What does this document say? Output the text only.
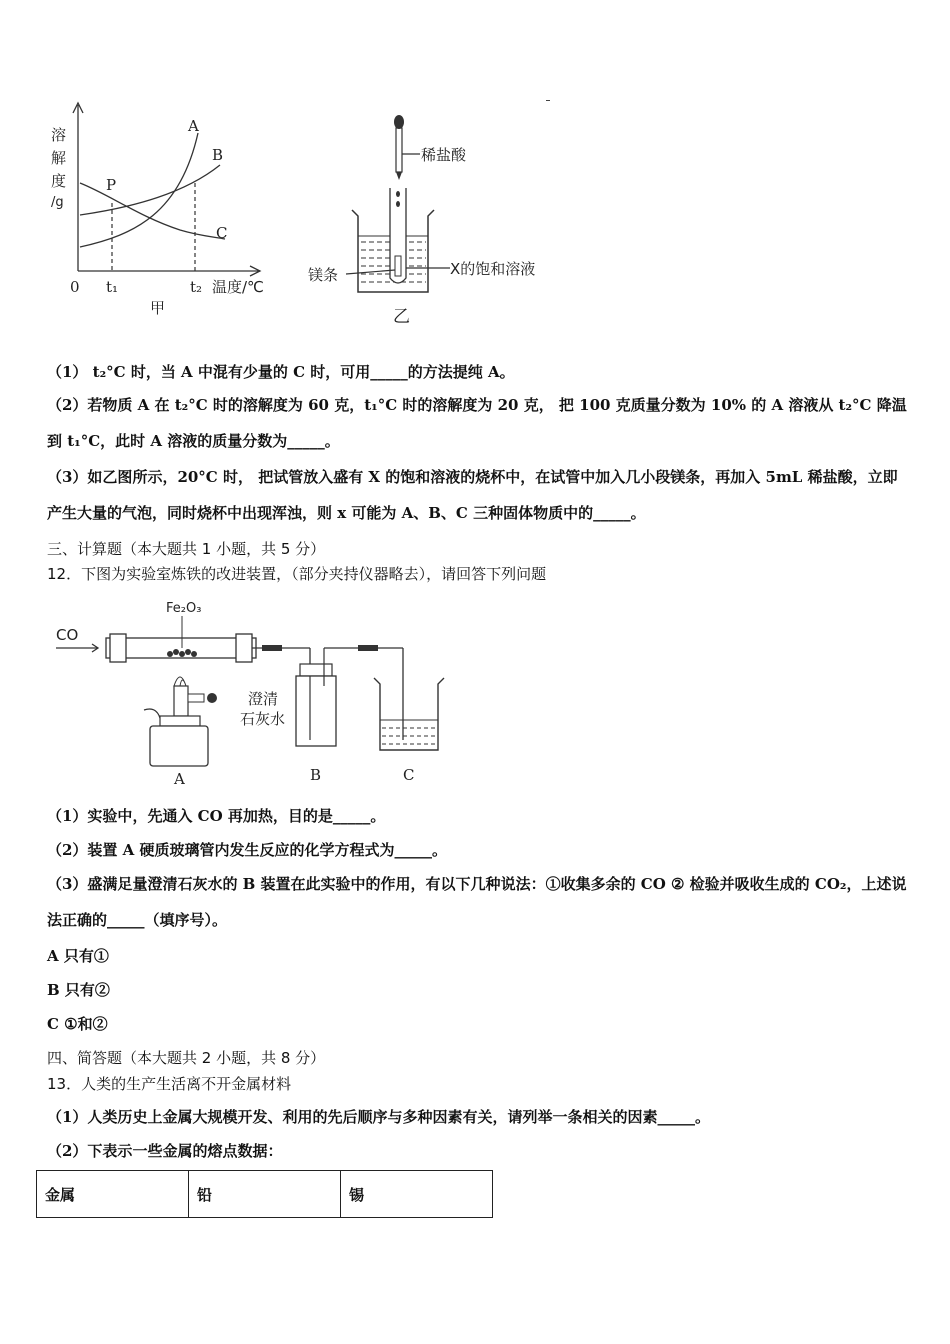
溶
解
度
/g
0 t₁	t₂ 温度/℃
A
B
C
P
甲
稀盐酸
镁条	X的饱和溶液
乙
（1） t₂°C 时，当 A 中混有少量的 C 时，可用_____的方法提纯 A。
（2）若物质 A 在 t₂°C 时的溶解度为 60 克，t₁°C 时的溶解度为 20 克， 把 100 克质量分数为 10% 的 A 溶液从 t₂°C 降温到 t₁°C，此时 A 溶液的质量分数为_____。
（3）如乙图所示，20°C 时， 把试管放入盛有 X 的饱和溶液的烧杯中，在试管中加入几小段镁条，再加入 5mL 稀盐酸，立即产生大量的气泡，同时烧杯中出现浑浊，则 x 可能为 A、B、C 三种固体物质中的_____。
三、计算题（本大题共 1 小题，共 5 分）
12．下图为实验室炼铁的改进装置，（部分夹持仪器略去），请回答下列问题
CO
Fe₂O₃
A
澄清
石灰水
B	C
（1）实验中，先通入 CO 再加热，目的是_____。
（2）装置 A 硬质玻璃管内发生反应的化学方程式为_____。
（3）盛满足量澄清石灰水的 B 装置在此实验中的作用，有以下几种说法：①收集多余的 CO ② 检验并吸收生成的 CO₂，上述说法正确的_____（填序号）。
A 只有①
B 只有②
C ①和②
四、简答题（本大题共 2 小题，共 8 分）
13．人类的生产生活离不开金属材料
（1）人类历史上金属大规模开发、利用的先后顺序与多种因素有关，请列举一条相关的因素_____。
（2）下表示一些金属的熔点数据：
金属	铅	锡
